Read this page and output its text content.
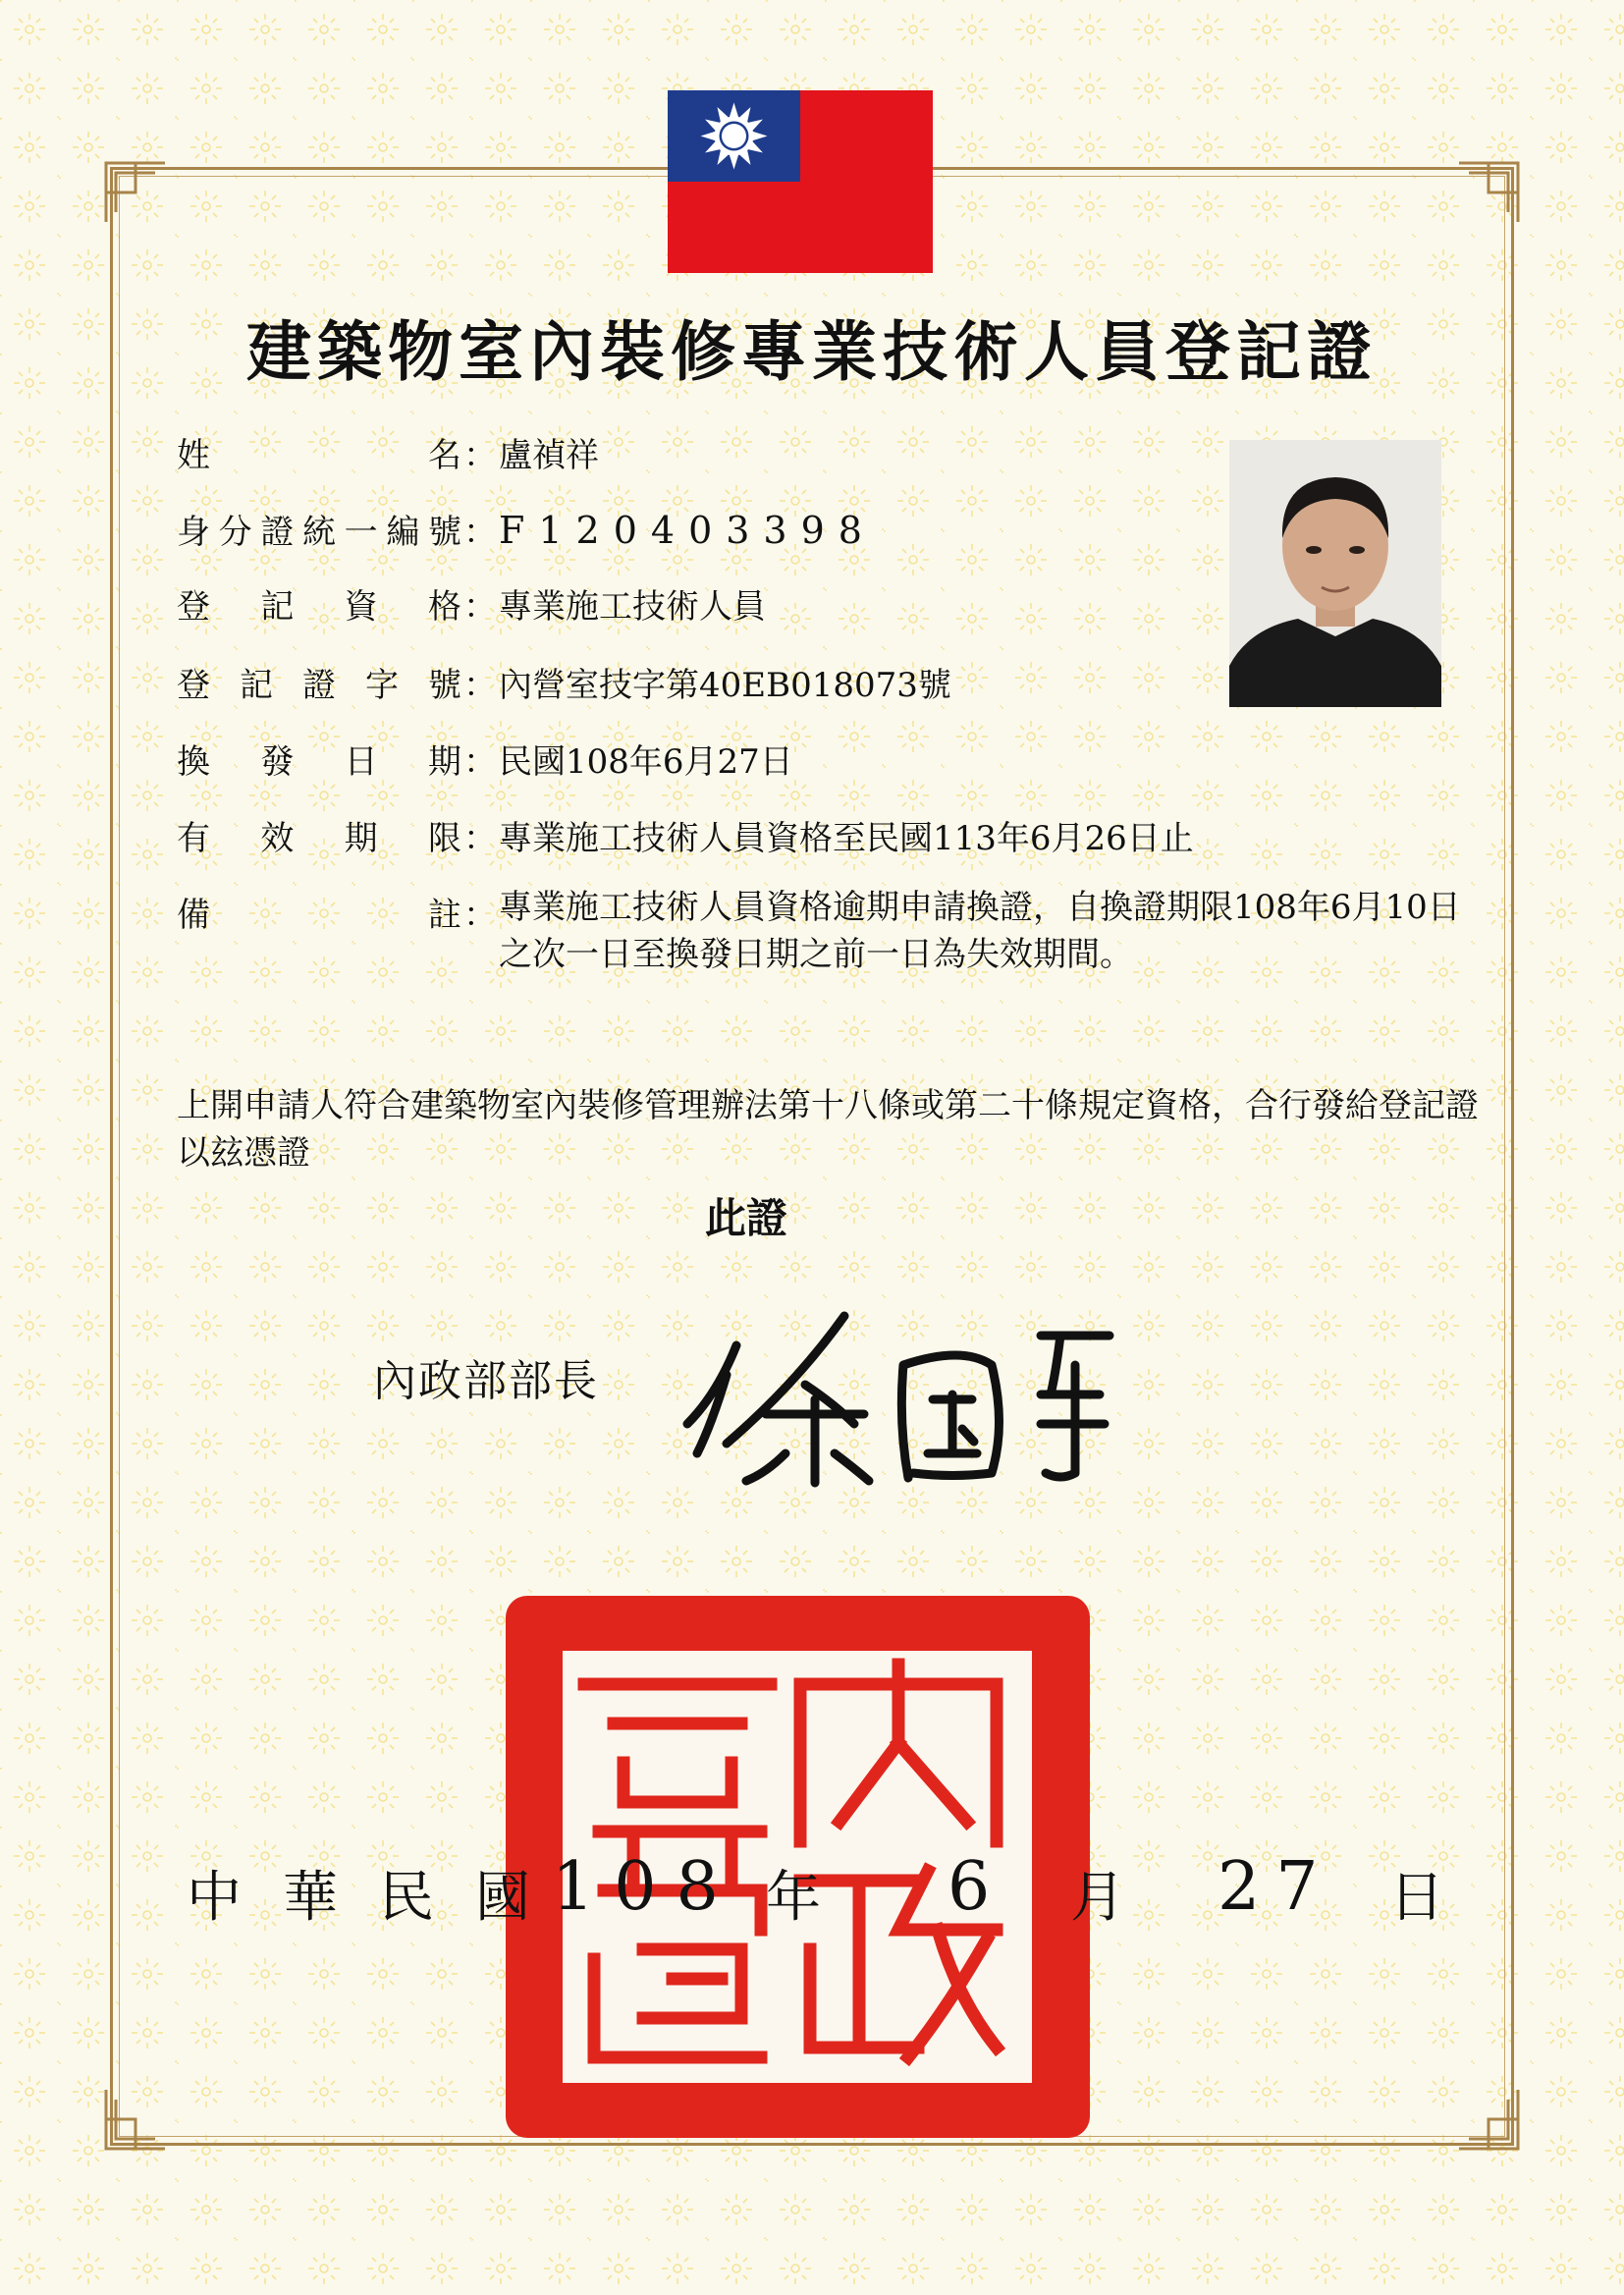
建築物室內裝修專業技術人員登記證
姓名：盧禎祥
身分證統一編號：F120403398
登記資格：專業施工技術人員
登記證字號：內營室技字第40EB018073號
換發日期：民國108年6月27日
有效期限：專業施工技術人員資格至民國113年6月26日止
備註： 專業施工技術人員資格逾期申請換證，自換證期限108年6月10日之次一日至換發日期之前一日為失效期間。
上開申請人符合建築物室內裝修管理辦法第十八條或第二十條規定資格，合行發給登記證以玆憑證
此證
內政部部長
中華民國
108 年 6 月 27 日
